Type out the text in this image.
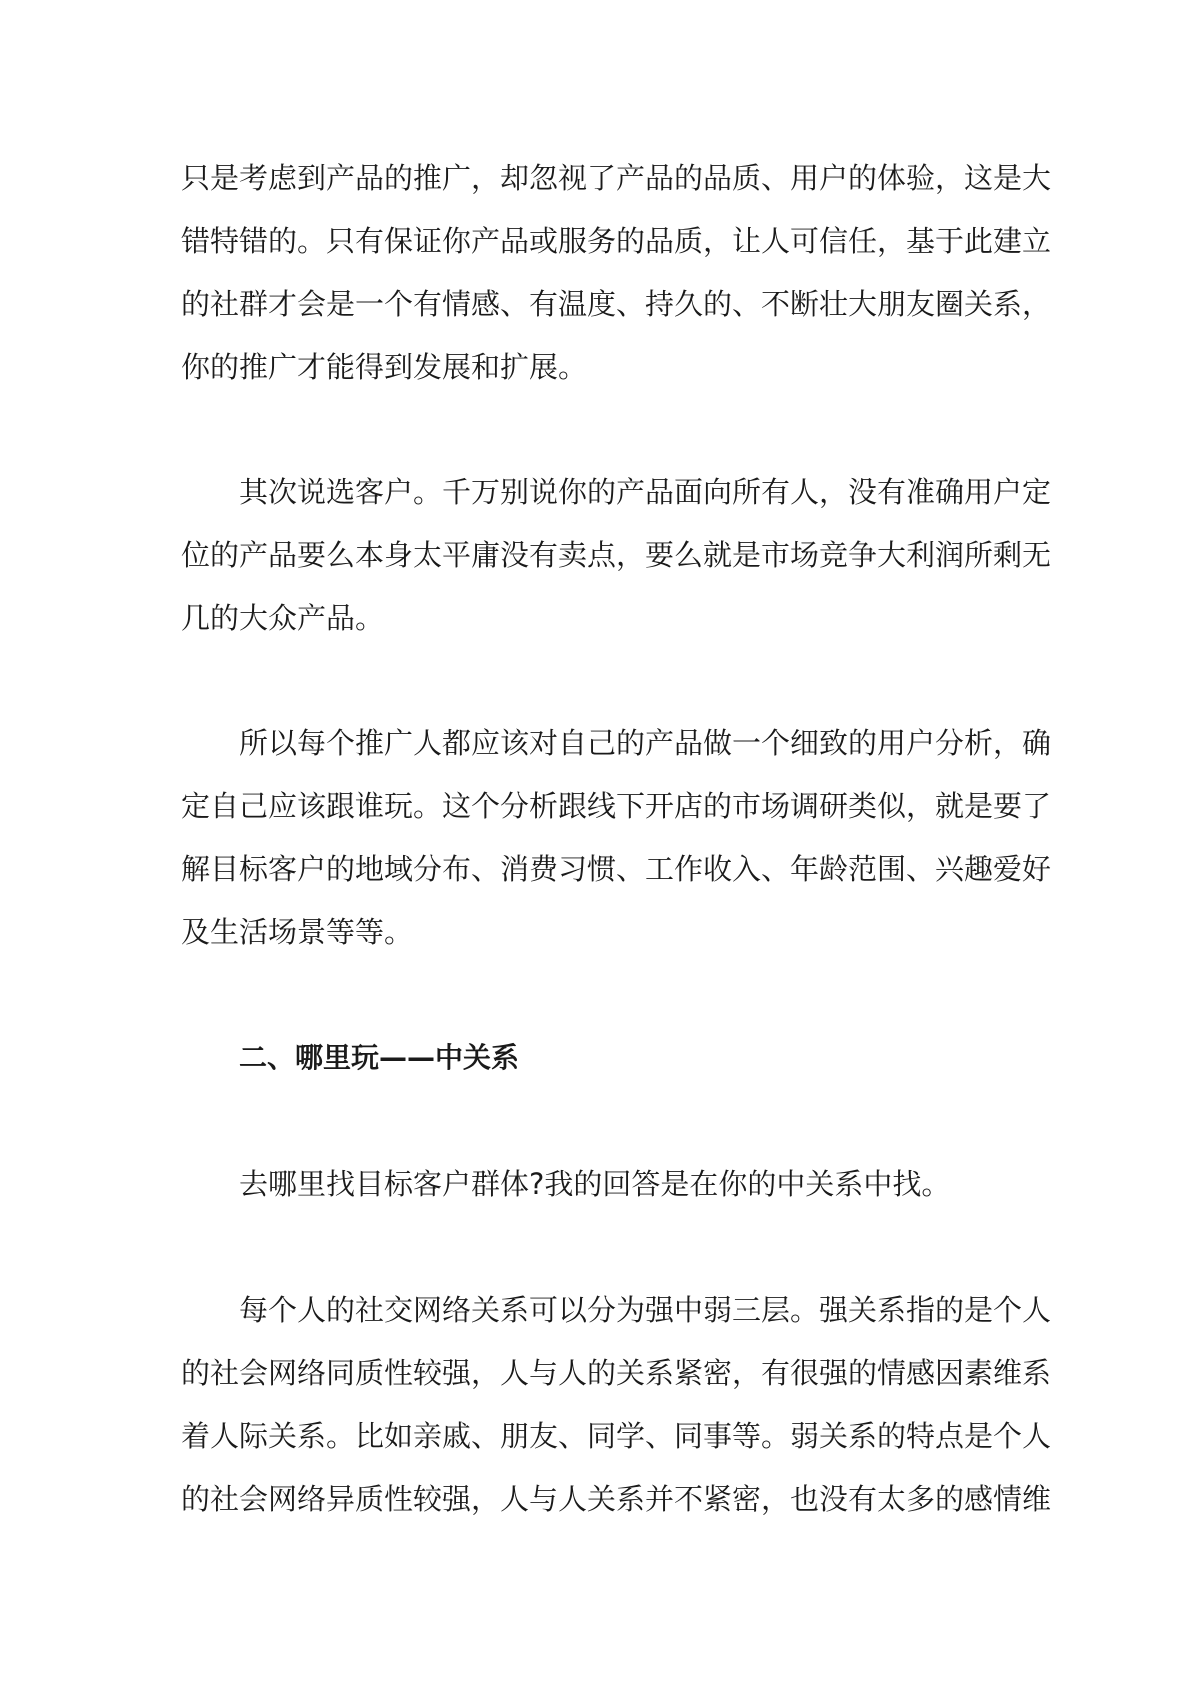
只是考虑到产品的推广，却忽视了产品的品质、用户的体验，这是大
错特错的。只有保证你产品或服务的品质，让人可信任，基于此建立
的社群才会是一个有情感、有温度、持久的、不断壮大朋友圈关系，
你的推广才能得到发展和扩展。
其次说选客户。千万别说你的产品面向所有人，没有准确用户定
位的产品要么本身太平庸没有卖点，要么就是市场竞争大利润所剩无
几的大众产品。
所以每个推广人都应该对自己的产品做一个细致的用户分析，确
定自己应该跟谁玩。这个分析跟线下开店的市场调研类似，就是要了
解目标客户的地域分布、消费习惯、工作收入、年龄范围、兴趣爱好
及生活场景等等。
二、哪里玩——中关系
去哪里找目标客户群体?我的回答是在你的中关系中找。
每个人的社交网络关系可以分为强中弱三层。强关系指的是个人
的社会网络同质性较强，人与人的关系紧密，有很强的情感因素维系
着人际关系。比如亲戚、朋友、同学、同事等。弱关系的特点是个人
的社会网络异质性较强，人与人关系并不紧密，也没有太多的感情维
